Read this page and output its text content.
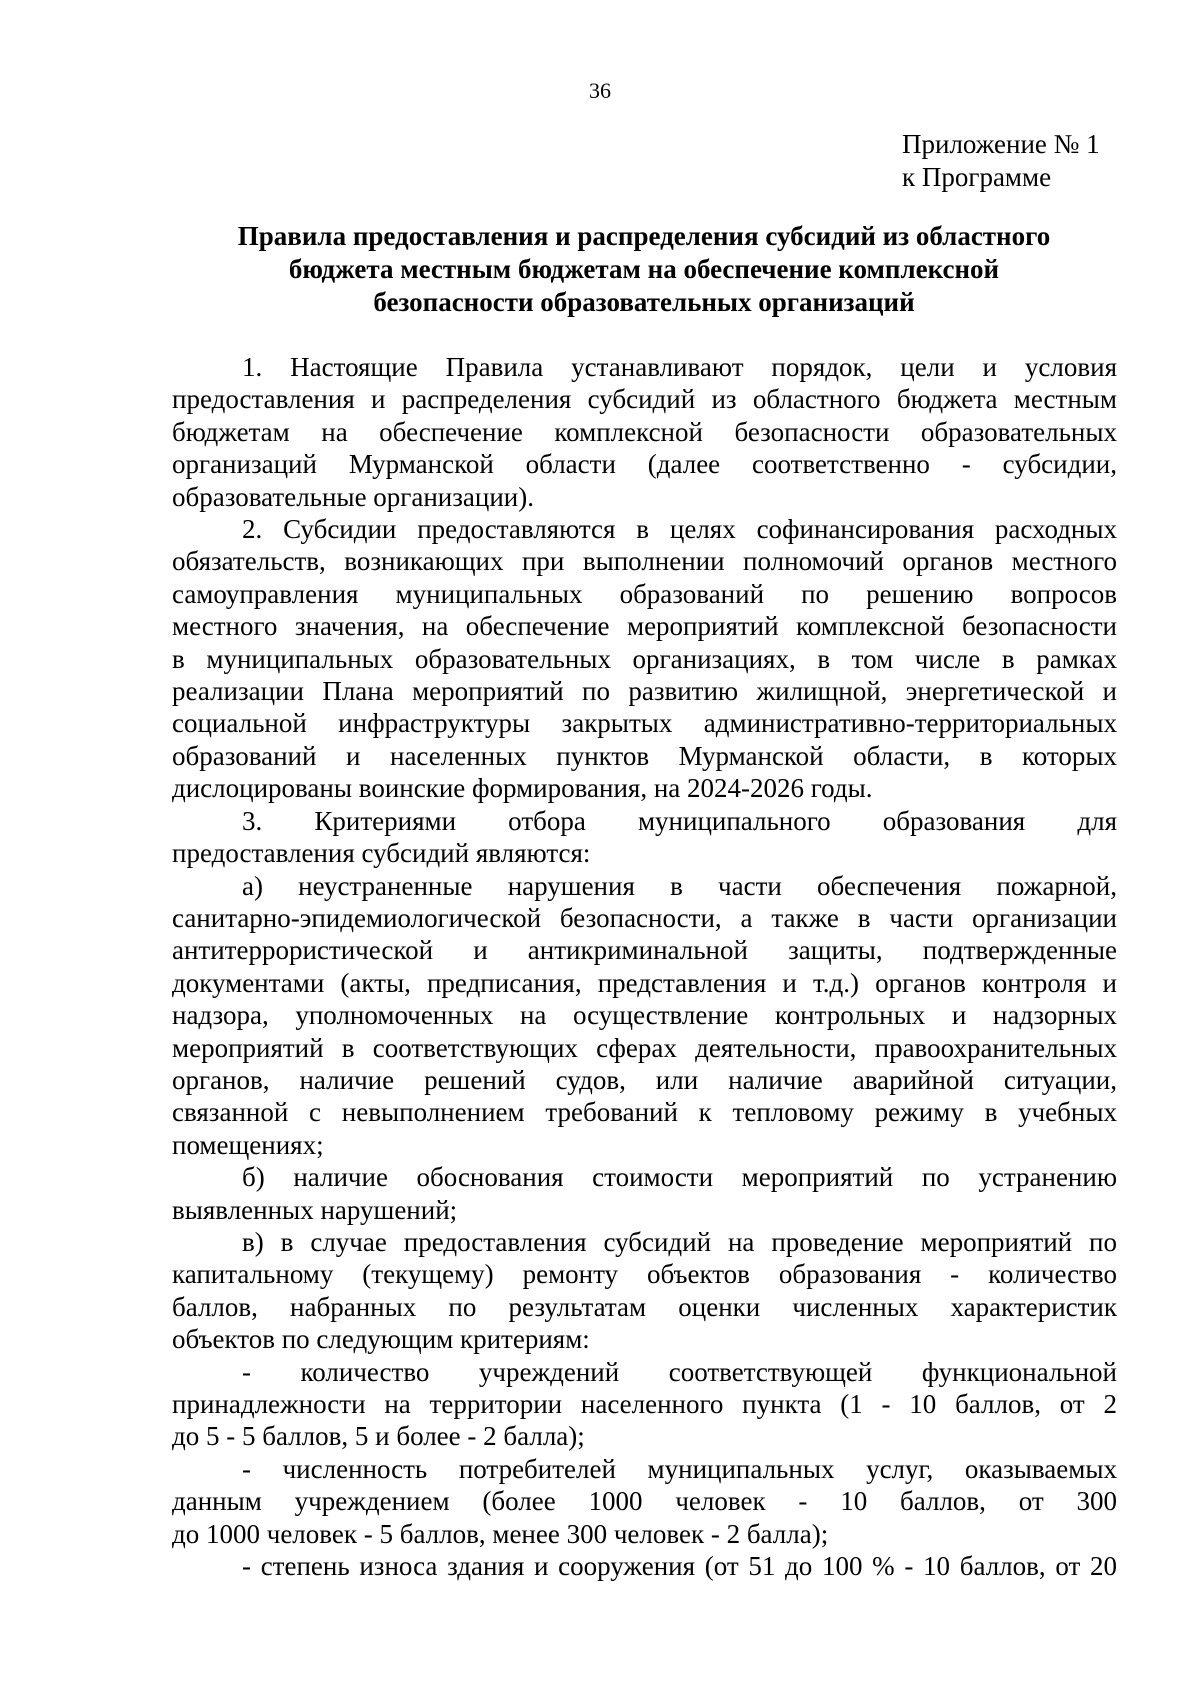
36
Приложение № 1
к Программе
Правила предоставления и распределения субсидий из областного
бюджета местным бюджетам на обеспечение комплексной
безопасности образовательных организаций
1. Настоящие Правила устанавливают порядок, цели и условия
предоставления и распределения субсидий из областного бюджета местным
бюджетам на обеспечение комплексной безопасности образовательных
организаций Мурманской области (далее соответственно - субсидии,
образовательные организации).
2. Субсидии предоставляются в целях софинансирования расходных
обязательств, возникающих при выполнении полномочий органов местного
самоуправления муниципальных образований по решению вопросов
местного значения, на обеспечение мероприятий комплексной безопасности
в муниципальных образовательных организациях, в том числе в рамках
реализации Плана мероприятий по развитию жилищной, энергетической и
социальной инфраструктуры закрытых административно-территориальных
образований и населенных пунктов Мурманской области, в которых
дислоцированы воинские формирования, на 2024-2026 годы.
3. Критериями отбора муниципального образования для
предоставления субсидий являются:
а) неустраненные нарушения в части обеспечения пожарной,
санитарно-эпидемиологической безопасности, а также в части организации
антитеррористической и антикриминальной защиты, подтвержденные
документами (акты, предписания, представления и т.д.) органов контроля и
надзора, уполномоченных на осуществление контрольных и надзорных
мероприятий в соответствующих сферах деятельности, правоохранительных
органов, наличие решений судов, или наличие аварийной ситуации,
связанной с невыполнением требований к тепловому режиму в учебных
помещениях;
б) наличие обоснования стоимости мероприятий по устранению
выявленных нарушений;
в) в случае предоставления субсидий на проведение мероприятий по
капитальному (текущему) ремонту объектов образования - количество
баллов, набранных по результатам оценки численных характеристик
объектов по следующим критериям:
- количество учреждений соответствующей функциональной
принадлежности на территории населенного пункта (1 - 10 баллов, от 2
до 5 - 5 баллов, 5 и более - 2 балла);
- численность потребителей муниципальных услуг, оказываемых
данным учреждением (более 1000 человек - 10 баллов, от 300
до 1000 человек - 5 баллов, менее 300 человек - 2 балла);
- степень износа здания и сооружения (от 51 до 100 % - 10 баллов, от 20
